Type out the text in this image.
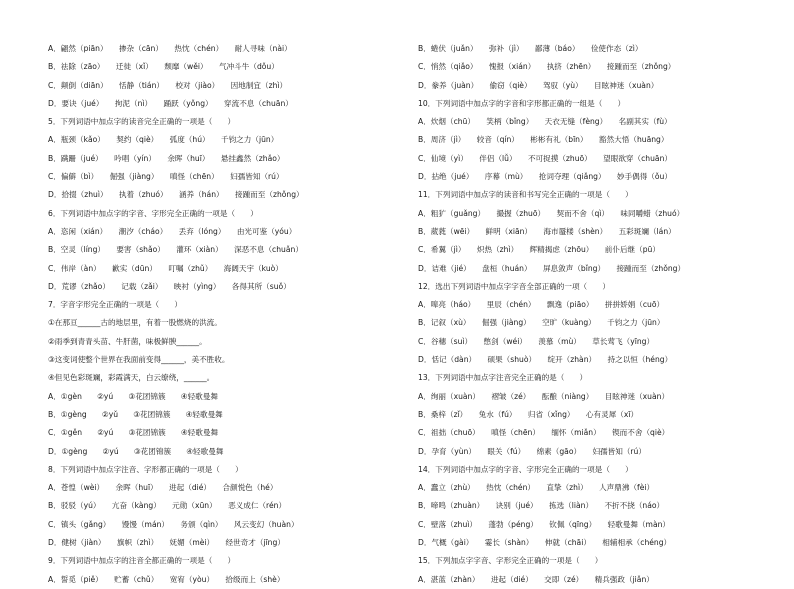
A．翩然（piān）　　掺杂（cān）　　热忱（chén）　　耐人寻味（nài）
B．祛除（zāo）　　迁徙（xǐ）　　颓靡（wěi）　　气冲斗牛（dǒu）
C．颠倒（diān）　　恬静（tián）　　校对（jiào）　　因地制宜（zhì）
D．要诀（jué）　　拘泥（nì）　　踊跃（yǒng）　　穿流不息（chuān）
5．下列词语中加点字的读音完全正确的一项是（　　）
A．瓶颈（kǎo）　　契约（qiè）　　弧度（hú）　　千钧之力（jūn）
B．蹒跚（jué）　　吟唱（yín）　　余晖（huī）　　悬挂鑫然（zhǎo）
C．偏僻（bì）　　倔强（jiàng）　　嗔怪（chēn）　　妇孺皆知（rú）
D．拾掇（zhuì）　　执着（zhuó）　　涵养（hán）　　接踵而至（zhǒng）
6．下列词语中加点字的字音、字形完全正确的一项是（　　）
A．恣闲（xián）　　潮汐（cháo）　　丢弃（lóng）　　由光可鉴（yóu）
B．空灵（líng）　　要害（shǎo）　　灌环（xiàn）　　深恶不息（chuǎn）
C．伟岸（àn）　　歉实（dūn）　　叮嘱（zhǔ）　　海阔天宇（kuò）
D．荒谬（zhǎo）　　记载（zǎi）　　映衬（yìng）　　各得其所（suǒ）
7．字音字形完全正确的一项是（　　）
①在那亘______古的地层里，有着一股燃烧的洪流。
②雨季到青青头苗、牛肝菌，味极鲜腴______。
③这变词使整个世界在我面前变得______，美不胜收。
④但见色彩斑斓，彩霞满天，白云缭绕，______。
A．①gèn　　②yú　　③花团锦簇　　④轻歌曼舞
B．①gèng　　②yǔ　　③花团锦簇　　④轻歌曼舞
C．①gěn　　②yú　　③花团锦簇　　④轻歌曼舞
D．①gèng　　②yú　　③花团锦簇　　④轻歌曼舞
8．下列词语中加点字注音、字形都正确的一项是（　　）
A．苍惶（wèi）　　余晖（huī）　　进起（dié）　　合颜悦色（hé）
B．驳驳（yú）　　亢奋（kàng）　　元勋（xūn）　　恶义成仁（rén）
C．镇头（gǎng）　　馒馒（mán）　　务颁（qìn）　　风云变幻（huàn）
D．健树（jiàn）　　旗帜（zhì）　　妩媚（mèi）　　经世奇才（jīng）
9．下列词语中加点字的注音全都正确的一项是（　　）
A．誓觅（piě）　　贮蓄（chǔ）　　宽宥（yòu）　　拾级而上（shè）
B．蜷伏（juǎn）　　弥补（jì）　　鄙薄（báo）　　俭使作态（zì）
C．悄然（qiǎo）　　愧报（xián）　　执挤（zhēn）　　接踵而至（zhǒng）
D．豢养（juàn）　　偷窃（qiè）　　驾驭（yù）　　目眩神迷（xuàn）
10．下列词语中加点字的字音和字形都正确的一组是（　　）
A．炊烟（chū）　　笑柄（bǐng）　　天衣无缝（fèng）　　名副其实（fù）
B．周济（jì）　　较音（qín）　　彬彬有礼（bīn）　　豁然大悟（huāng）
C．仙境（yì）　　伴侣（lǚ）　　不可捉摸（zhuō）　　望眼欲穿（chuān）
D．拈绝（jué）　　序幕（mù）　　抢词夺理（qiǎng）　　妙手偶得（ǒu）
11．下列词语中加点字的读音和书写完全正确的一项是（　　）
A．粗犷（guǎng）　　撮握（zhuō）　　契而不舍（qì）　　味同嚼蜡（zhuó）
B．葳蕤（wēi）　　鲜明（xiān）　　海市蜃楼（shèn）　　五彩斑斓（lán）
C．希翼（jì）　　炽热（zhì）　　辉精揭虑（zhōu）　　前仆后继（pū）
D．诘难（jié）　　盘桓（huán）　　屏息敛声（bǐng）　　接踵而至（zhǒng）
12．选出下列词语中加点字字音全部正确的一项（　　）
A．嗥亮（háo）　　里辰（chén）　　飘逸（piāo）　　拼拼娇娟（cuō）
B．记叙（xù）　　倔强（jiàng）　　空旷（kuàng）　　千钧之力（jūn）
C．谷穗（suì）　　憋剑（wéi）　　羡慕（mù）　　草长莺飞（yīng）
D．恬记（dàn）　　硕果（shuò）　　绽开（zhàn）　　持之以恒（héng）
13．下列词语中加点字注音完全正确的是（　　）
A．绚丽（xuàn）　　褶皱（zé）　　酝酿（niàng）　　目眩神迷（xuàn）
B．桑梓（zǐ）　　兔水（fú）　　归省（xǐng）　　心有灵犀（xī）
C．祖拙（chuō）　　嗔怪（chēn）　　缅怀（miǎn）　　锲而不舍（qiè）
D．孕育（yùn）　　眼关（fú）　　绵素（gāo）　　妇孺皆知（rú）
14．下列词语中加点字的字音、字形完全正确的一项是（　　）
A．蠢立（zhù）　　热忱（chén）　　直挚（zhì）　　人声鼎沸（fèi）
B．啼鸣（zhuàn）　　诀别（jué）　　拣选（liàn）　　不折不挠（náo）
C．壁落（zhuì）　　蓬勃（péng）　　钦佩（qīng）　　轻歌曼舞（màn）
D．气概（gài）　　霎长（shàn）　　伸就（chāi）　　相辅相承（chéng）
15．下列加点字字音、字形完全正确的一项是（　　）
A．湛蓝（zhàn）　　进起（dié）　　交即（zé）　　精兵强政（jiǎn）
